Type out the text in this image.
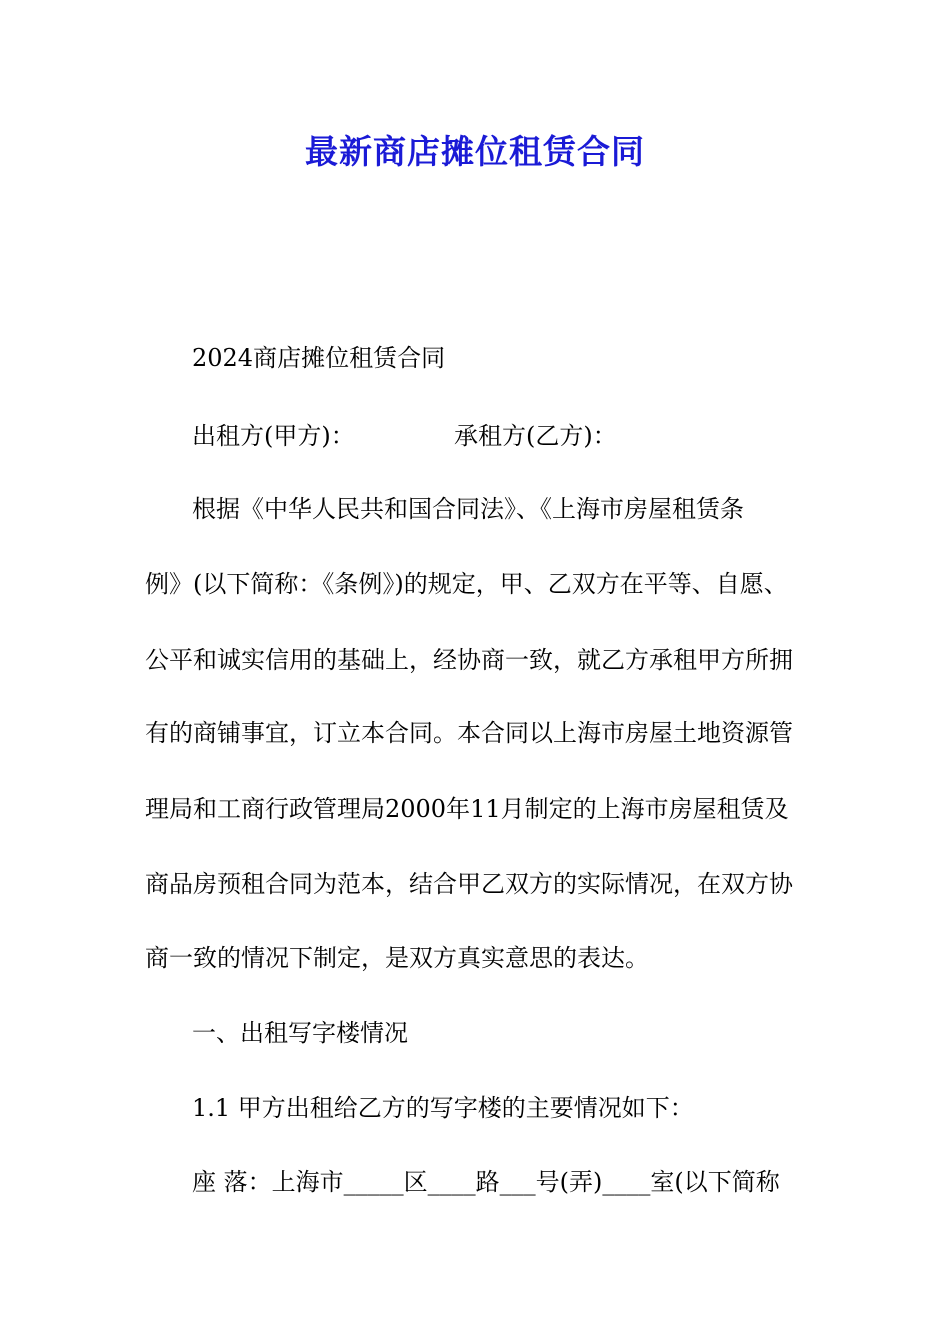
最新商店摊位租赁合同
2024商店摊位租赁合同
出租方(甲方)：	承租方(乙方)：
根据《中华人民共和国合同法》、《上海市房屋租赁条
例》(以下简称：《条例》)的规定，甲、乙双方在平等、自愿、
公平和诚实信用的基础上，经协商一致，就乙方承租甲方所拥
有的商铺事宜，订立本合同。本合同以上海市房屋土地资源管
理局和工商行政管理局2000年11月制定的上海市房屋租赁及
商品房预租合同为范本，结合甲乙双方的实际情况，在双方协
商一致的情况下制定，是双方真实意思的表达。
一、出租写字楼情况
1.1 甲方出租给乙方的写字楼的主要情况如下：
座 落：上海市_____区____路___号(弄)____室(以下简称
